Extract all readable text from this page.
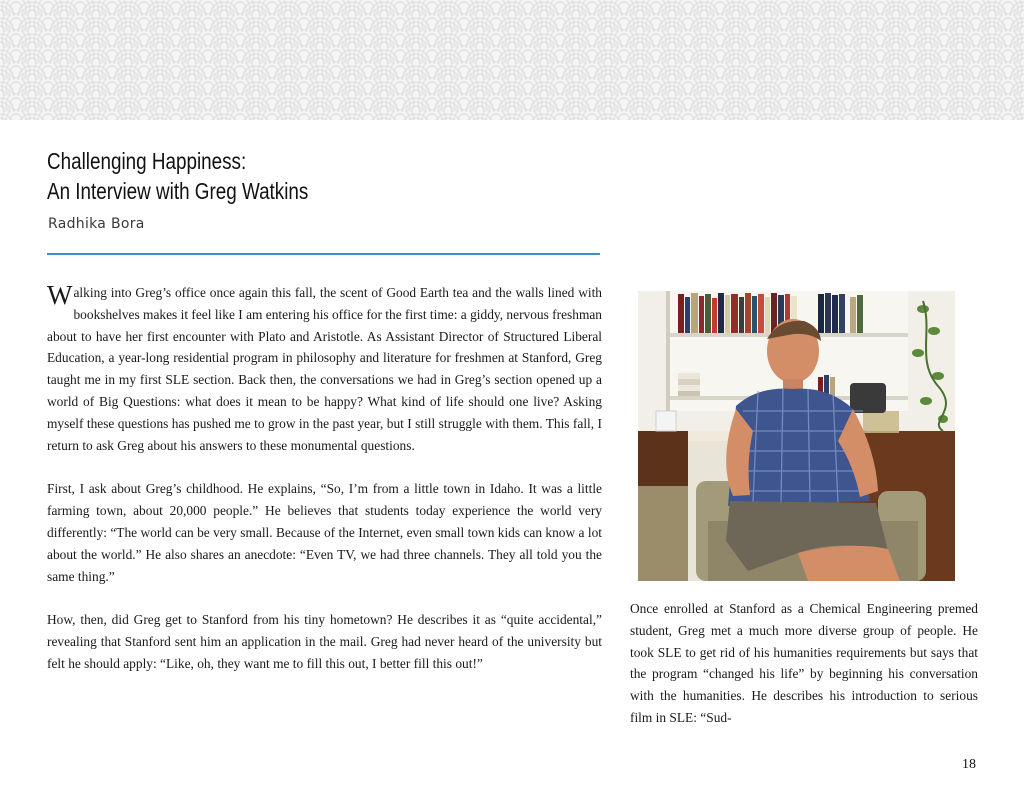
Challenging Happiness:
An Interview with Greg Watkins
Radhika Bora

Walking into Greg’s office once again this fall, the scent of Good Earth tea and the walls lined with bookshelves makes it feel like I am entering his office for the first time: a giddy, nervous freshman about to have her first encounter with Plato and Aristotle. As Assistant Director of Structured Liberal Education, a year-long residential program in philosophy and literature for freshmen at Stanford, Greg taught me in my first SLE section. Back then, the conversations we had in Greg’s section opened up a world of Big Questions: what does it mean to be happy? What kind of life should one live? Asking myself these questions has pushed me to grow in the past year, but I still struggle with them. This fall, I return to ask Greg about his answers to these monumental questions.

First, I ask about Greg’s childhood. He explains, “So, I’m from a little town in Idaho. It was a little farming town, about 20,000 people.” He believes that students today experience the world very differently: “The world can be very small. Because of the Internet, even small town kids can know a lot about the world.” He also shares an anecdote: “Even TV, we had three channels. They all told you the same thing.”

How, then, did Greg get to Stanford from his tiny hometown? He describes it as “quite accidental,” revealing that Stanford sent him an application in the mail. Greg had never heard of the university but felt he should apply: “Like, oh, they want me to fill this out, I better fill this out!”

Once enrolled at Stanford as a Chemical Engineering premed student, Greg met a much more diverse group of people. He took SLE to get rid of his humanities requirements but says that the program “changed his life” by beginning his conversation with the humanities. He describes his introduction to serious film in SLE: “Sud-

18
